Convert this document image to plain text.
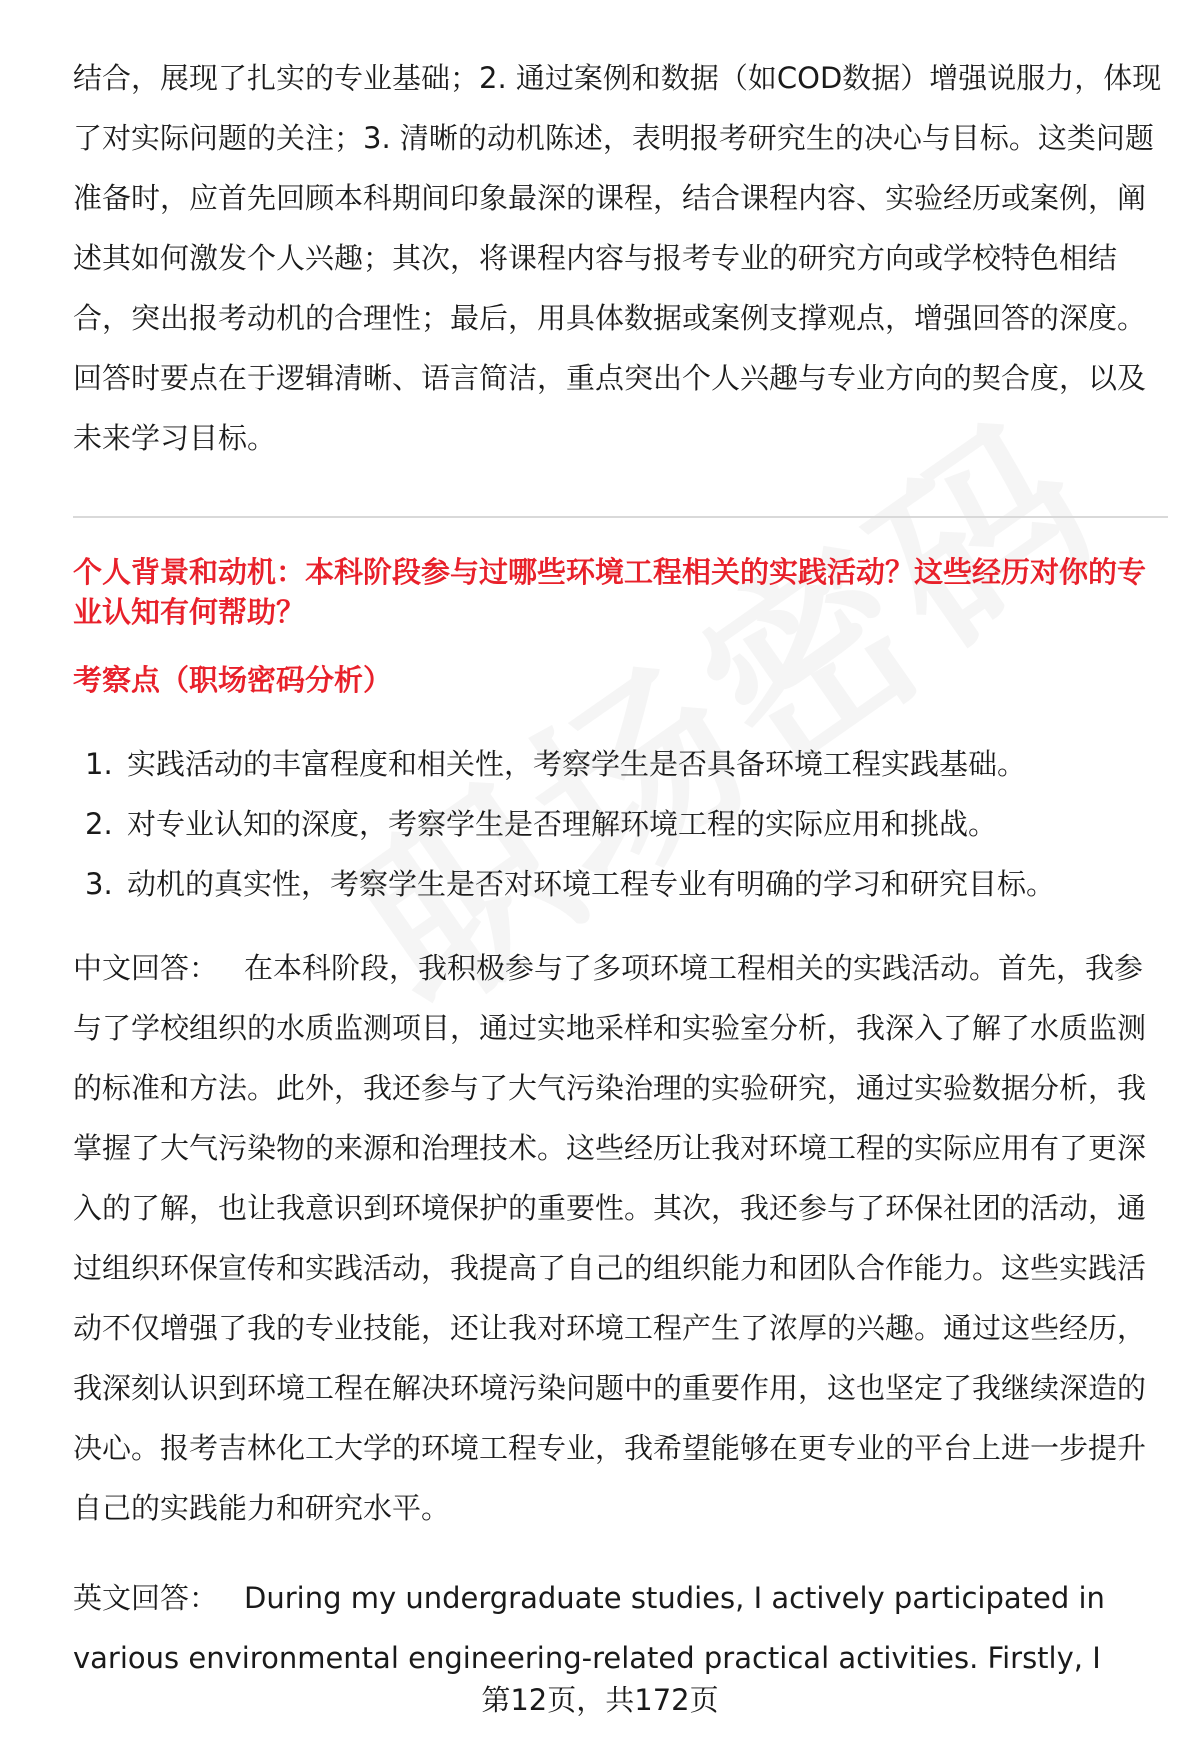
结合，展现了扎实的专业基础；2. 通过案例和数据（如COD数据）增强说服力，体现了对实际问题的关注；3. 清晰的动机陈述，表明报考研究生的决心与目标。这类问题准备时，应首先回顾本科期间印象最深的课程，结合课程内容、实验经历或案例，阐述其如何激发个人兴趣；其次，将课程内容与报考专业的研究方向或学校特色相结合，突出报考动机的合理性；最后，用具体数据或案例支撑观点，增强回答的深度。回答时要点在于逻辑清晰、语言简洁，重点突出个人兴趣与专业方向的契合度，以及未来学习目标。

个人背景和动机：本科阶段参与过哪些环境工程相关的实践活动？这些经历对你的专业认知有何帮助？

考察点（职场密码分析）

1. 实践活动的丰富程度和相关性，考察学生是否具备环境工程实践基础。
2. 对专业认知的深度，考察学生是否理解环境工程的实际应用和挑战。
3. 动机的真实性，考察学生是否对环境工程专业有明确的学习和研究目标。

中文回答： 在本科阶段，我积极参与了多项环境工程相关的实践活动。首先，我参与了学校组织的水质监测项目，通过实地采样和实验室分析，我深入了解了水质监测的标准和方法。此外，我还参与了大气污染治理的实验研究，通过实验数据分析，我掌握了大气污染物的来源和治理技术。这些经历让我对环境工程的实际应用有了更深入的了解，也让我意识到环境保护的重要性。其次，我还参与了环保社团的活动，通过组织环保宣传和实践活动，我提高了自己的组织能力和团队合作能力。这些实践活动不仅增强了我的专业技能，还让我对环境工程产生了浓厚的兴趣。通过这些经历，我深刻认识到环境工程在解决环境污染问题中的重要作用，这也坚定了我继续深造的决心。报考吉林化工大学的环境工程专业，我希望能够在更专业的平台上进一步提升自己的实践能力和研究水平。

英文回答： During my undergraduate studies, I actively participated in various environmental engineering-related practical activities. Firstly, I

第12页，共172页
